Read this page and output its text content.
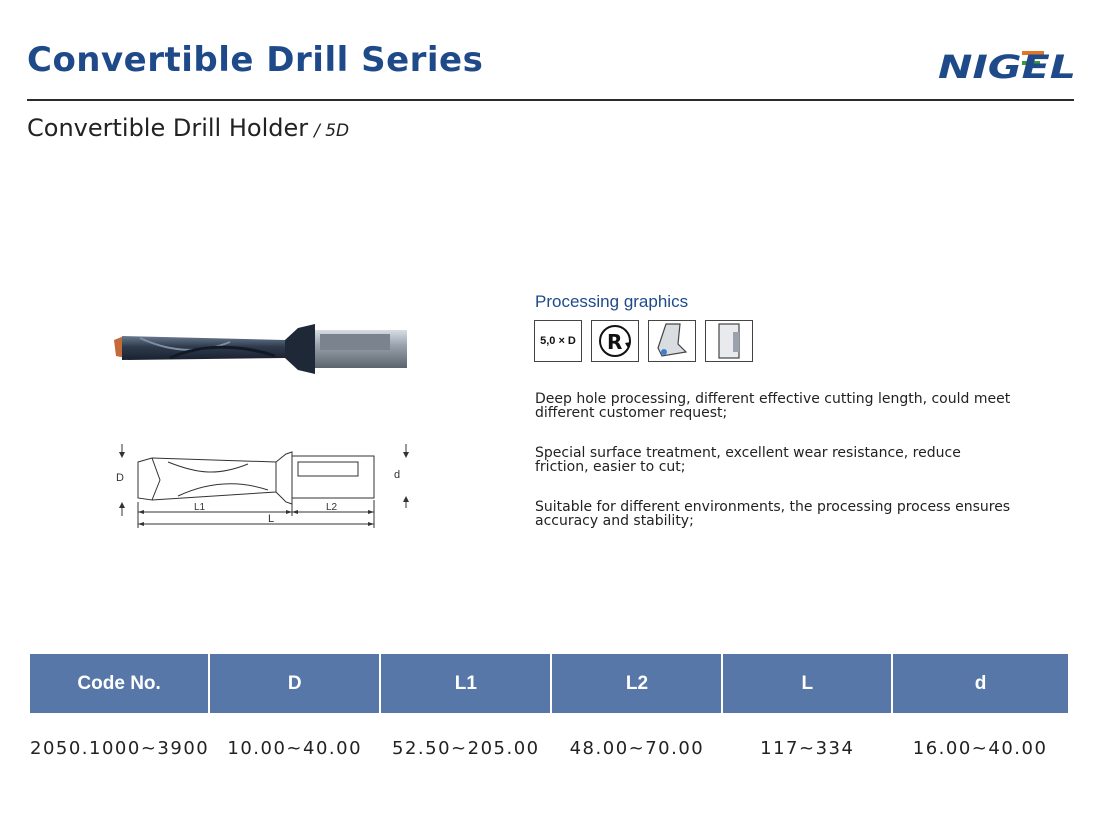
Convertible Drill Series	NIGEL
Convertible Drill Holder / 5D
D	d
L1	L2
L
Processing graphics
5,0 × D R
Deep hole processing, different effective cutting length, could meet different customer request;
Special surface treatment, excellent wear resistance, reduce friction, easier to cut;
Suitable for different environments, the processing process ensures accuracy and stability;
Code No.	D	L1	L2	L	d
2050.1000~3900	10.00~40.00	52.50~205.00	48.00~70.00	117~334	16.00~40.00
